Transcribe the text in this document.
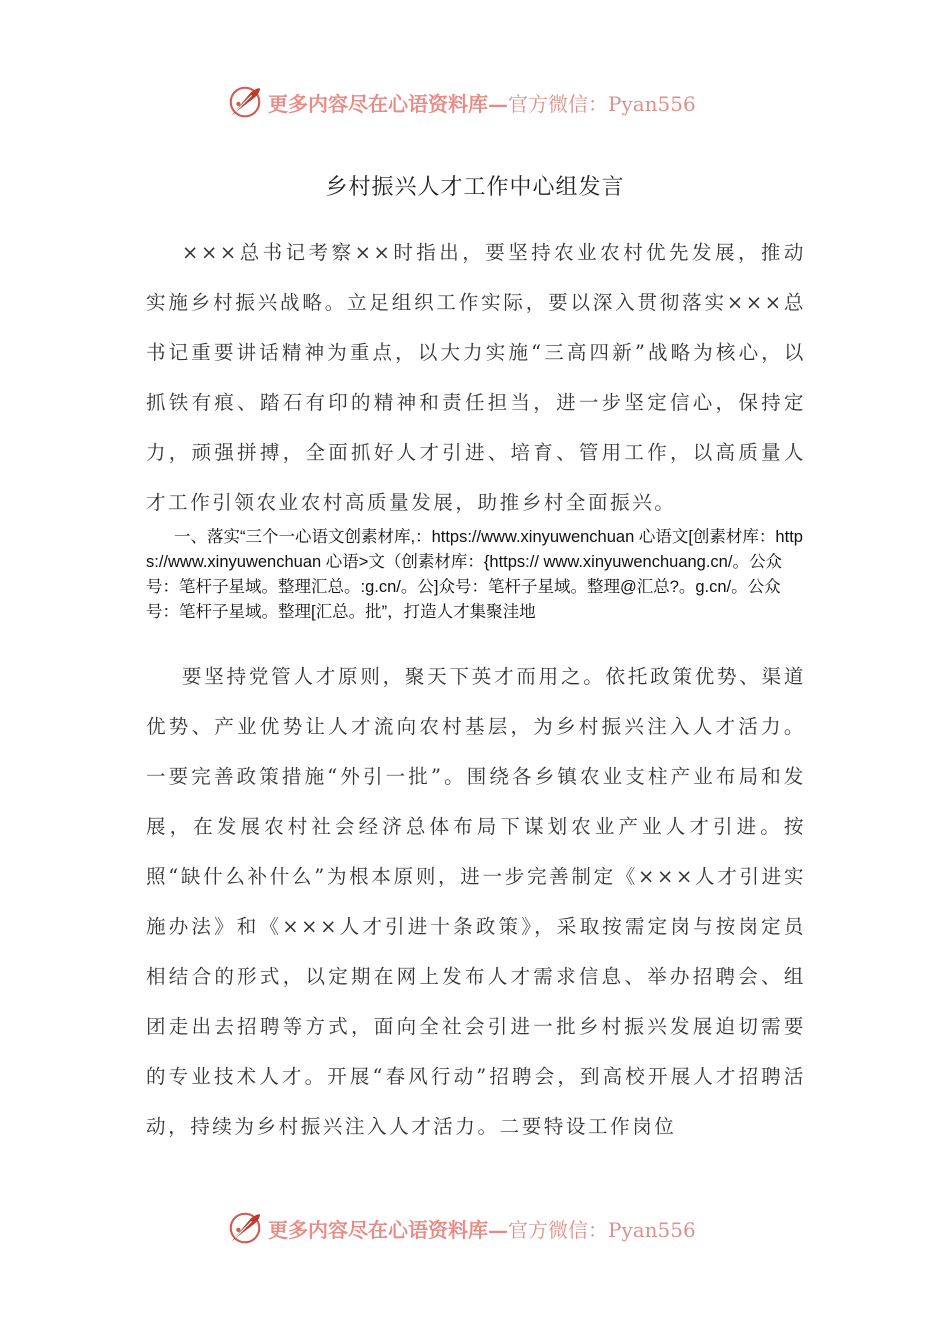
更多内容尽在心语资料库—官方微信：Pyan556
乡村振兴人才工作中心组发言

×××总书记考察××时指出，要坚持农业农村优先发展，推动实施乡村振兴战略。立足组织工作实际，要以深入贯彻落实×××总书记重要讲话精神为重点，以大力实施“三高四新”战略为核心，以抓铁有痕、踏石有印的精神和责任担当，进一步坚定信心，保持定力，顽强拼搏，全面抓好人才引进、培育、管用工作，以高质量人才工作引领农业农村高质量发展，助推乡村全面振兴。

一、落实“三个一心语文创素材库,：https://www.xinyuwenchuan 心语文[创素材库：https://www.xinyuwenchuan 心语>文（创素材库：{https:// www.xinyuwenchuang.cn/。公众号：笔杆子星域。整理汇总。:g.cn/。公]众号：笔杆子星域。整理@汇总?。g.cn/。公众号：笔杆子星域。整理[汇总。批”，打造人才集聚洼地

要坚持党管人才原则，聚天下英才而用之。依托政策优势、渠道优势、产业优势让人才流向农村基层，为乡村振兴注入人才活力。一要完善政策措施“外引一批”。围绕各乡镇农业支柱产业布局和发展，在发展农村社会经济总体布局下谋划农业产业人才引进。按照“缺什么补什么”为根本原则，进一步完善制定《×××人才引进实施办法》和《×××人才引进十条政策》，采取按需定岗与按岗定员相结合的形式，以定期在网上发布人才需求信息、举办招聘会、组团走出去招聘等方式，面向全社会引进一批乡村振兴发展迫切需要的专业技术人才。开展“春风行动”招聘会，到高校开展人才招聘活动，持续为乡村振兴注入人才活力。二要特设工作岗位

更多内容尽在心语资料库—官方微信：Pyan556
